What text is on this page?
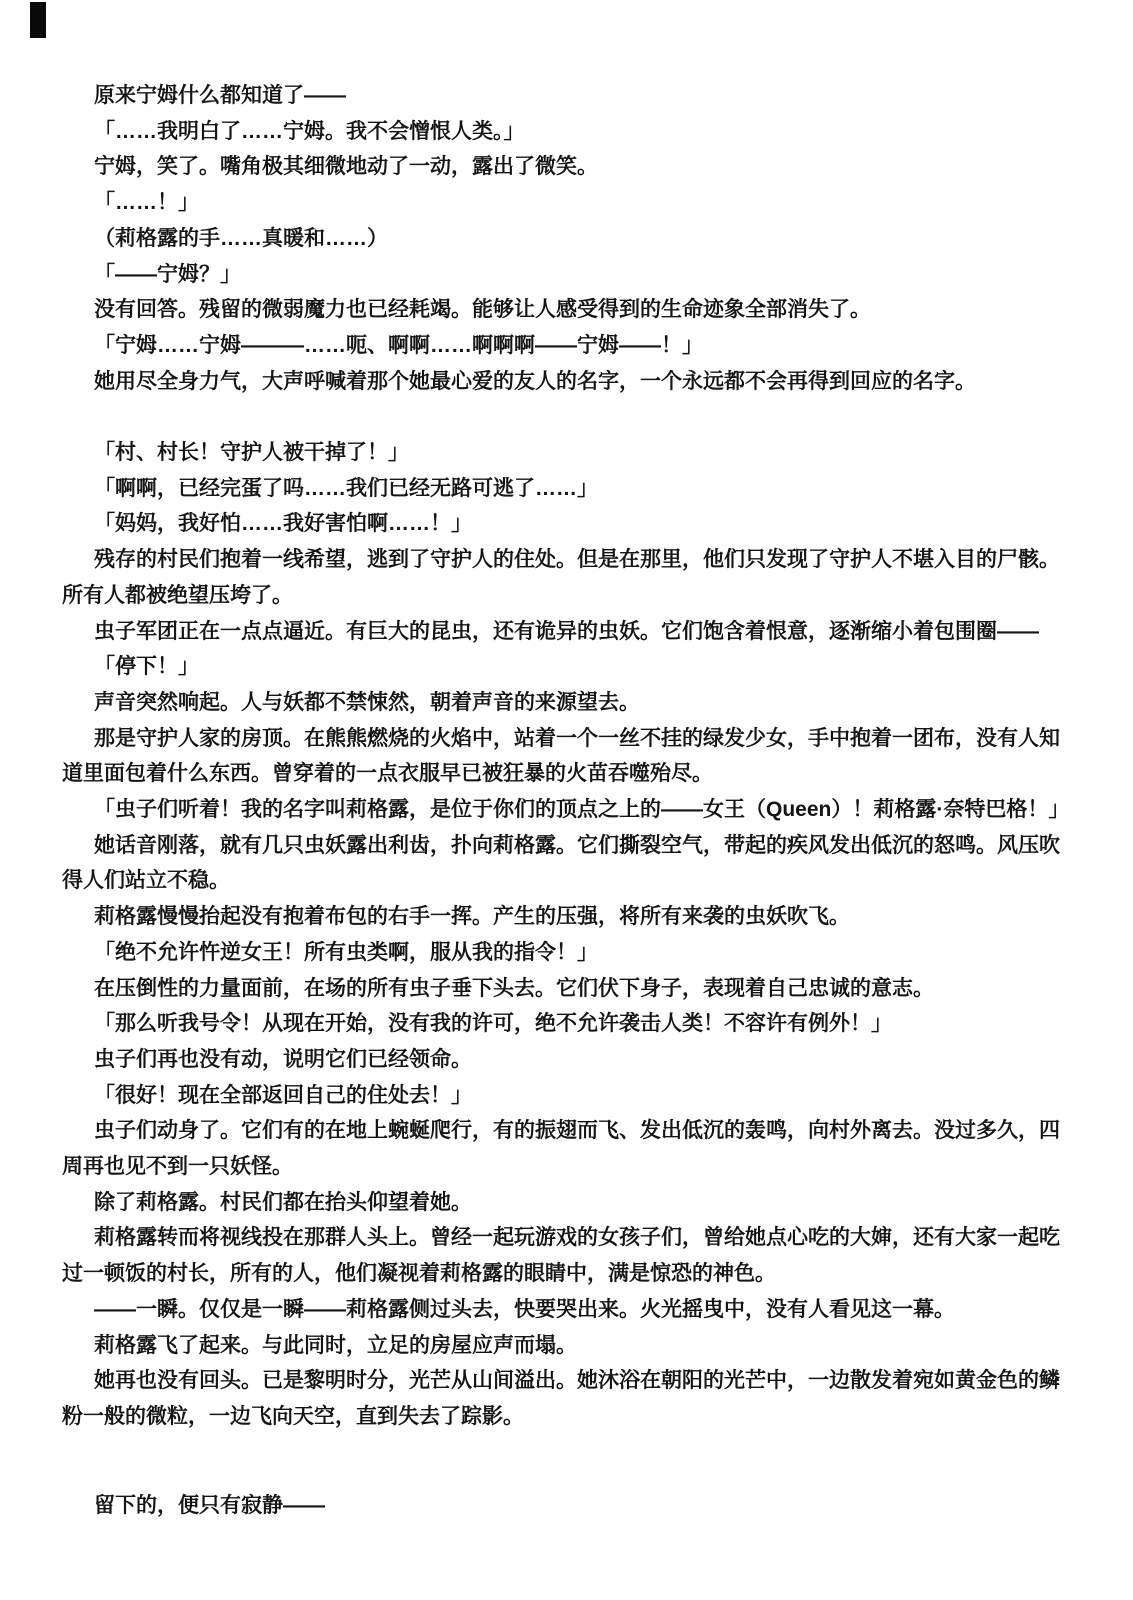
原来宁姆什么都知道了——

「……我明白了……宁姆。我不会憎恨人类。」

宁姆，笑了。嘴角极其细微地动了一动，露出了微笑。

「……！」

（莉格露的手……真暖和……）

「——宁姆？」

没有回答。残留的微弱魔力也已经耗竭。能够让人感受得到的生命迹象全部消失了。

「宁姆……宁姆———……呃、啊啊……啊啊啊——宁姆——！」

她用尽全身力气，大声呼喊着那个她最心爱的友人的名字，一个永远都不会再得到回应的名字。

「村、村长！守护人被干掉了！」

「啊啊，已经完蛋了吗……我们已经无路可逃了……」

「妈妈，我好怕……我好害怕啊……！」

残存的村民们抱着一线希望，逃到了守护人的住处。但是在那里，他们只发现了守护人不堪入目的尸骸。所有人都被绝望压垮了。

虫子军团正在一点点逼近。有巨大的昆虫，还有诡异的虫妖。它们饱含着恨意，逐渐缩小着包围圈——

「停下！」

声音突然响起。人与妖都不禁悚然，朝着声音的来源望去。

那是守护人家的房顶。在熊熊燃烧的火焰中，站着一个一丝不挂的绿发少女，手中抱着一团布，没有人知道里面包着什么东西。曾穿着的一点衣服早已被狂暴的火苗吞噬殆尽。

「虫子们听着！我的名字叫莉格露，是位于你们的顶点之上的——女王（Queen）！莉格露·奈特巴格！」

她话音刚落，就有几只虫妖露出利齿，扑向莉格露。它们撕裂空气，带起的疾风发出低沉的怒鸣。风压吹得人们站立不稳。

莉格露慢慢抬起没有抱着布包的右手一挥。产生的压强，将所有来袭的虫妖吹飞。

「绝不允许忤逆女王！所有虫类啊，服从我的指令！」

在压倒性的力量面前，在场的所有虫子垂下头去。它们伏下身子，表现着自己忠诚的意志。

「那么听我号令！从现在开始，没有我的许可，绝不允许袭击人类！不容许有例外！」

虫子们再也没有动，说明它们已经领命。

「很好！现在全部返回自己的住处去！」

虫子们动身了。它们有的在地上蜿蜒爬行，有的振翅而飞、发出低沉的轰鸣，向村外离去。没过多久，四周再也见不到一只妖怪。

除了莉格露。村民们都在抬头仰望着她。

莉格露转而将视线投在那群人头上。曾经一起玩游戏的女孩子们，曾给她点心吃的大婶，还有大家一起吃过一顿饭的村长，所有的人，他们凝视着莉格露的眼睛中，满是惊恐的神色。

——一瞬。仅仅是一瞬——莉格露侧过头去，快要哭出来。火光摇曳中，没有人看见这一幕。

莉格露飞了起来。与此同时，立足的房屋应声而塌。

她再也没有回头。已是黎明时分，光芒从山间溢出。她沐浴在朝阳的光芒中，一边散发着宛如黄金色的鳞粉一般的微粒，一边飞向天空，直到失去了踪影。

留下的，便只有寂静——
